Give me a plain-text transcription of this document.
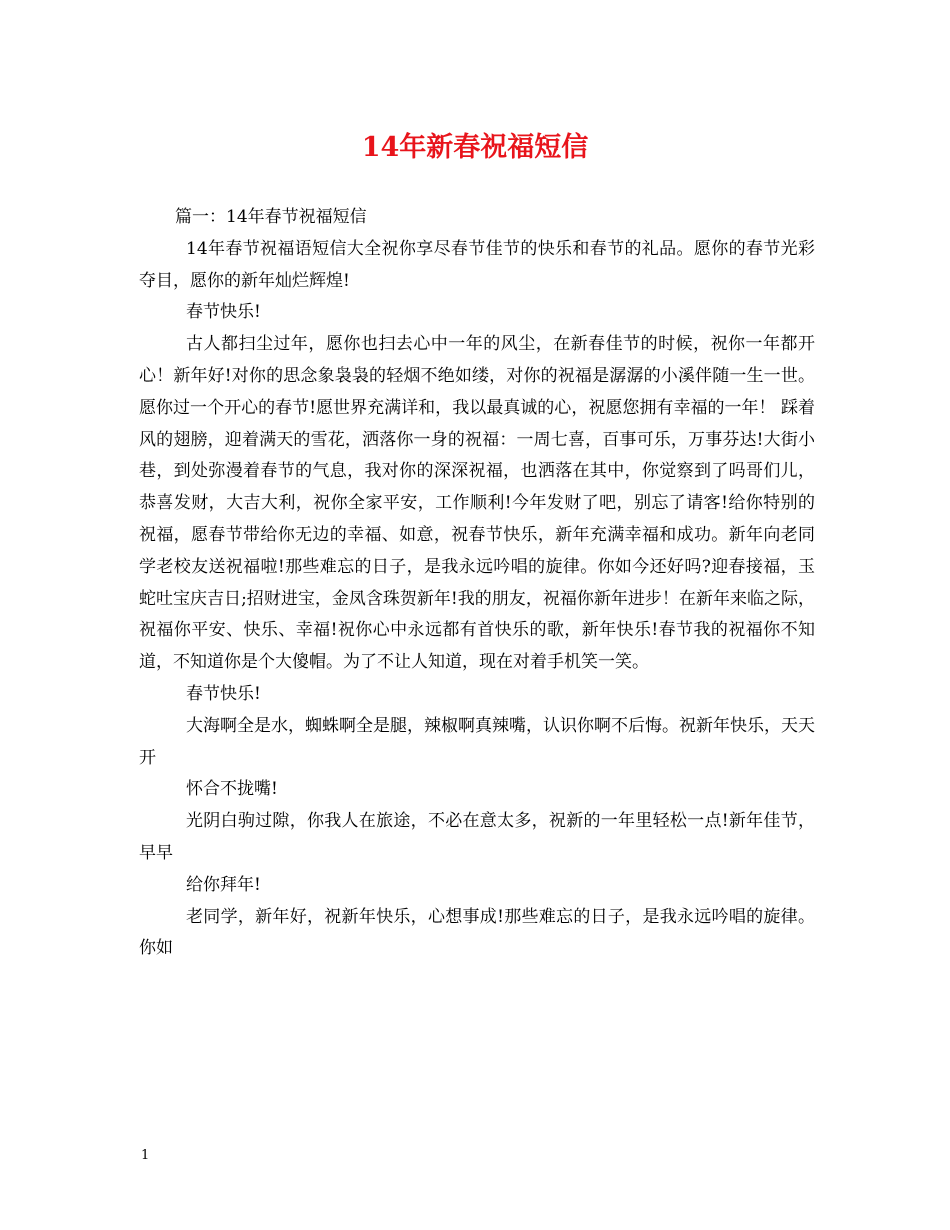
14年新春祝福短信

篇一：14年春节祝福短信

14年春节祝福语短信大全祝你享尽春节佳节的快乐和春节的礼品。愿你的春节光彩夺目，愿你的新年灿烂辉煌!

春节快乐!

古人都扫尘过年，愿你也扫去心中一年的风尘，在新春佳节的时候，祝你一年都开心！新年好!对你的思念象袅袅的轻烟不绝如缕，对你的祝福是潺潺的小溪伴随一生一世。 愿你过一个开心的春节!愿世界充满详和，我以最真诚的心，祝愿您拥有幸福的一年！ 踩着风的翅膀，迎着满天的雪花，洒落你一身的祝福：一周七喜，百事可乐，万事芬达!大街小巷，到处弥漫着春节的气息，我对你的深深祝福，也洒落在其中，你觉察到了吗哥们儿，恭喜发财，大吉大利，祝你全家平安，工作顺利!今年发财了吧，别忘了请客!给你特别的祝福，愿春节带给你无边的幸福、如意，祝春节快乐，新年充满幸福和成功。新年向老同学老校友送祝福啦!那些难忘的日子，是我永远吟唱的旋律。你如今还好吗?迎春接福，玉蛇吐宝庆吉日;招财进宝，金凤含珠贺新年!我的朋友，祝福你新年进步！在新年来临之际，祝福你平安、快乐、幸福!祝你心中永远都有首快乐的歌，新年快乐!春节我的祝福你不知道，不知道你是个大傻帽。为了不让人知道，现在对着手机笑一笑。

春节快乐!

大海啊全是水，蜘蛛啊全是腿，辣椒啊真辣嘴，认识你啊不后悔。祝新年快乐，天天开

怀合不拢嘴!

光阴白驹过隙，你我人在旅途，不必在意太多，祝新的一年里轻松一点!新年佳节，早早

给你拜年!

老同学，新年好，祝新年快乐，心想事成!那些难忘的日子，是我永远吟唱的旋律。你如

1
